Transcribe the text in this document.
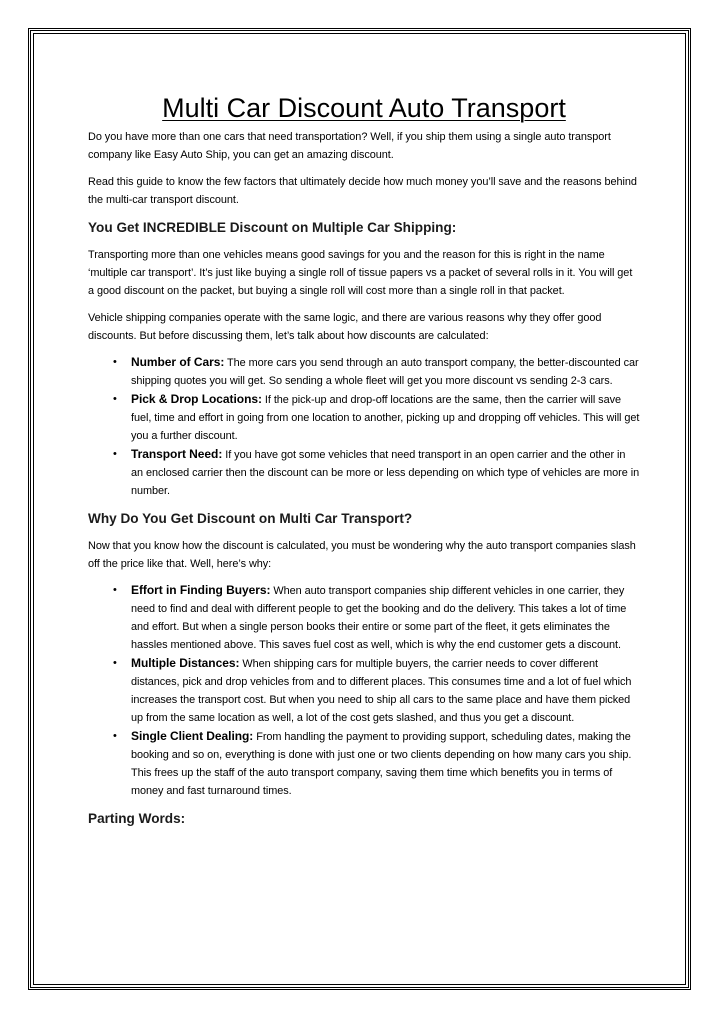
Multi Car Discount Auto Transport

Do you have more than one cars that need transportation? Well, if you ship them using a single auto transport company like Easy Auto Ship, you can get an amazing discount.

Read this guide to know the few factors that ultimately decide how much money you’ll save and the reasons behind the multi-car transport discount.

You Get INCREDIBLE Discount on Multiple Car Shipping:

Transporting more than one vehicles means good savings for you and the reason for this is right in the name ‘multiple car transport’. It’s just like buying a single roll of tissue papers vs a packet of several rolls in it. You will get a good discount on the packet, but buying a single roll will cost more than a single roll in that packet.

Vehicle shipping companies operate with the same logic, and there are various reasons why they offer good discounts. But before discussing them, let’s talk about how discounts are calculated:

• Number of Cars: The more cars you send through an auto transport company, the better-discounted car shipping quotes you will get. So sending a whole fleet will get you more discount vs sending 2-3 cars.
• Pick & Drop Locations: If the pick-up and drop-off locations are the same, then the carrier will save fuel, time and effort in going from one location to another, picking up and dropping off vehicles. This will get you a further discount.
• Transport Need: If you have got some vehicles that need transport in an open carrier and the other in an enclosed carrier then the discount can be more or less depending on which type of vehicles are more in number.
Why Do You Get Discount on Multi Car Transport?

Now that you know how the discount is calculated, you must be wondering why the auto transport companies slash off the price like that. Well, here’s why:

• Effort in Finding Buyers: When auto transport companies ship different vehicles in one carrier, they need to find and deal with different people to get the booking and do the delivery. This takes a lot of time and effort. But when a single person books their entire or some part of the fleet, it gets eliminates the hassles mentioned above. This saves fuel cost as well, which is why the end customer gets a discount.
• Multiple Distances: When shipping cars for multiple buyers, the carrier needs to cover different distances, pick and drop vehicles from and to different places. This consumes time and a lot of fuel which increases the transport cost. But when you need to ship all cars to the same place and have them picked up from the same location as well, a lot of the cost gets slashed, and thus you get a discount.
• Single Client Dealing: From handling the payment to providing support, scheduling dates, making the booking and so on, everything is done with just one or two clients depending on how many cars you ship. This frees up the staff of the auto transport company, saving them time which benefits you in terms of money and fast turnaround times.
Parting Words:
